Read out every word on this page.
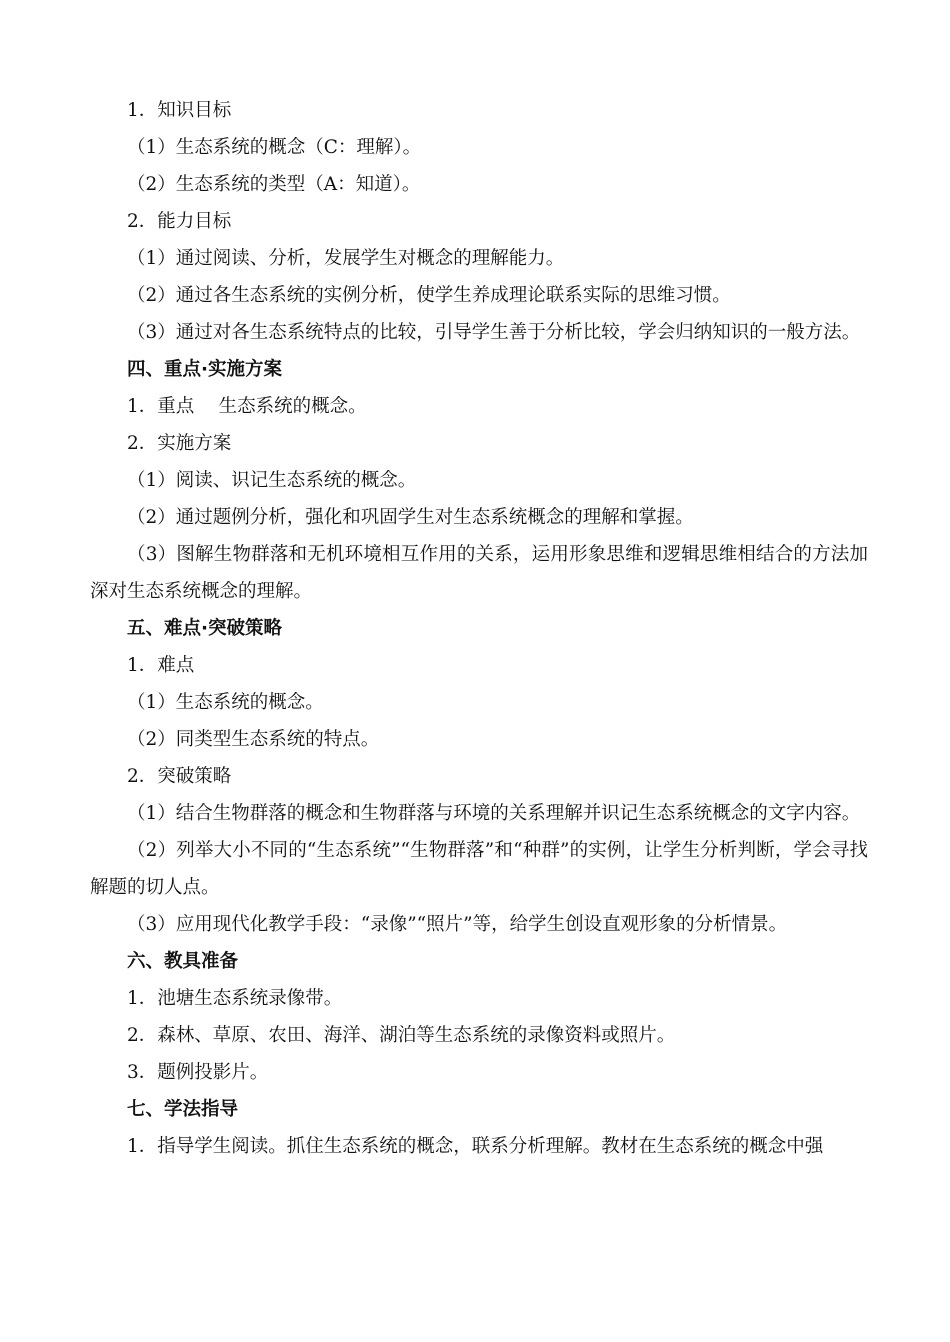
1．知识目标
（1）生态系统的概念（C：理解）。
（2）生态系统的类型（A：知道）。
2．能力目标
（1）通过阅读、分析，发展学生对概念的理解能力。
（2）通过各生态系统的实例分析，使学生养成理论联系实际的思维习惯。
（3）通过对各生态系统特点的比较，引导学生善于分析比较，学会归纳知识的一般方法。
四、重点·实施方案
1．重点　 生态系统的概念。
2．实施方案
（1）阅读、识记生态系统的概念。
（2）通过题例分析，强化和巩固学生对生态系统概念的理解和掌握。
（3）图解生物群落和无机环境相互作用的关系，运用形象思维和逻辑思维相结合的方法加深对生态系统概念的理解。
五、难点·突破策略
1．难点
（1）生态系统的概念。
（2）同类型生态系统的特点。
2．突破策略
（1）结合生物群落的概念和生物群落与环境的关系理解并识记生态系统概念的文字内容。
（2）列举大小不同的“生态系统”“生物群落”和“种群”的实例，让学生分析判断，学会寻找解题的切人点。
（3）应用现代化教学手段：“录像”“照片”等，给学生创设直观形象的分析情景。
六、教具准备
1．池塘生态系统录像带。
2．森林、草原、农田、海洋、湖泊等生态系统的录像资料或照片。
3．题例投影片。
七、学法指导
1．指导学生阅读。抓住生态系统的概念，联系分析理解。教材在生态系统的概念中强
